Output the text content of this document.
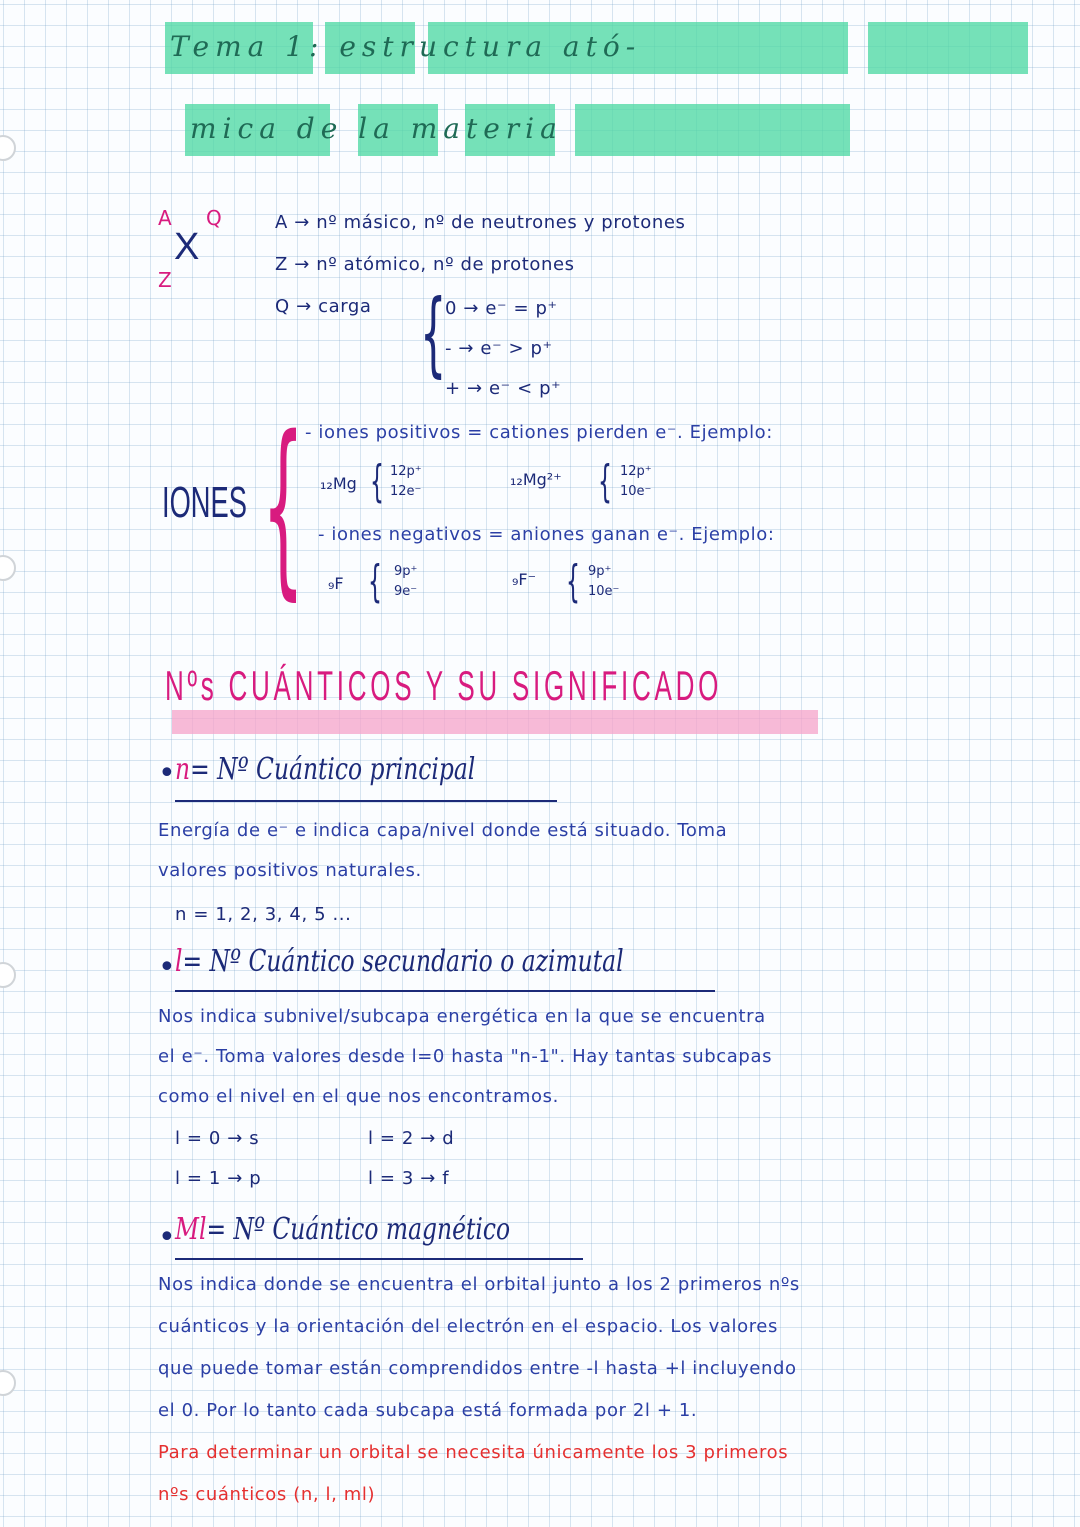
Tema 1: estructura ató-
mica de la materia
A Q
X
Z
A → nº másico, nº de neutrones y protones
Z → nº atómico, nº de protones
Q → carga {
0 → e⁻ = p⁺
- → e⁻ > p⁺
+ → e⁻ < p⁺
IONES { - iones positivos = cationes pierden e⁻. Ejemplo:
₁₂Mg { 12p⁺
12e⁻
₁₂Mg²⁺ { 12p⁺
10e⁻
- iones negativos = aniones ganan e⁻. Ejemplo:
₉F { 9p⁺
9e⁻
₉F⁻ { 9p⁺
10e⁻
Nºs CUÁNTICOS Y SU SIGNIFICADO
• n= Nº Cuántico principal
Energía de e⁻ e indica capa/nivel donde está situado. Toma
valores positivos naturales.
n = 1, 2, 3, 4, 5 ...
• l= Nº Cuántico secundario o azimutal
Nos indica subnivel/subcapa energética en la que se encuentra
el e⁻. Toma valores desde l=0 hasta "n-1". Hay tantas subcapas
como el nivel en el que nos encontramos.
l = 0 → s
l = 1 → p
l = 2 → d
l = 3 → f
• Ml= Nº Cuántico magnético
Nos indica donde se encuentra el orbital junto a los 2 primeros nºs
cuánticos y la orientación del electrón en el espacio. Los valores
que puede tomar están comprendidos entre -l hasta +l incluyendo
el 0. Por lo tanto cada subcapa está formada por 2l + 1.
Para determinar un orbital se necesita únicamente los 3 primeros
nºs cuánticos (n, l, ml)
